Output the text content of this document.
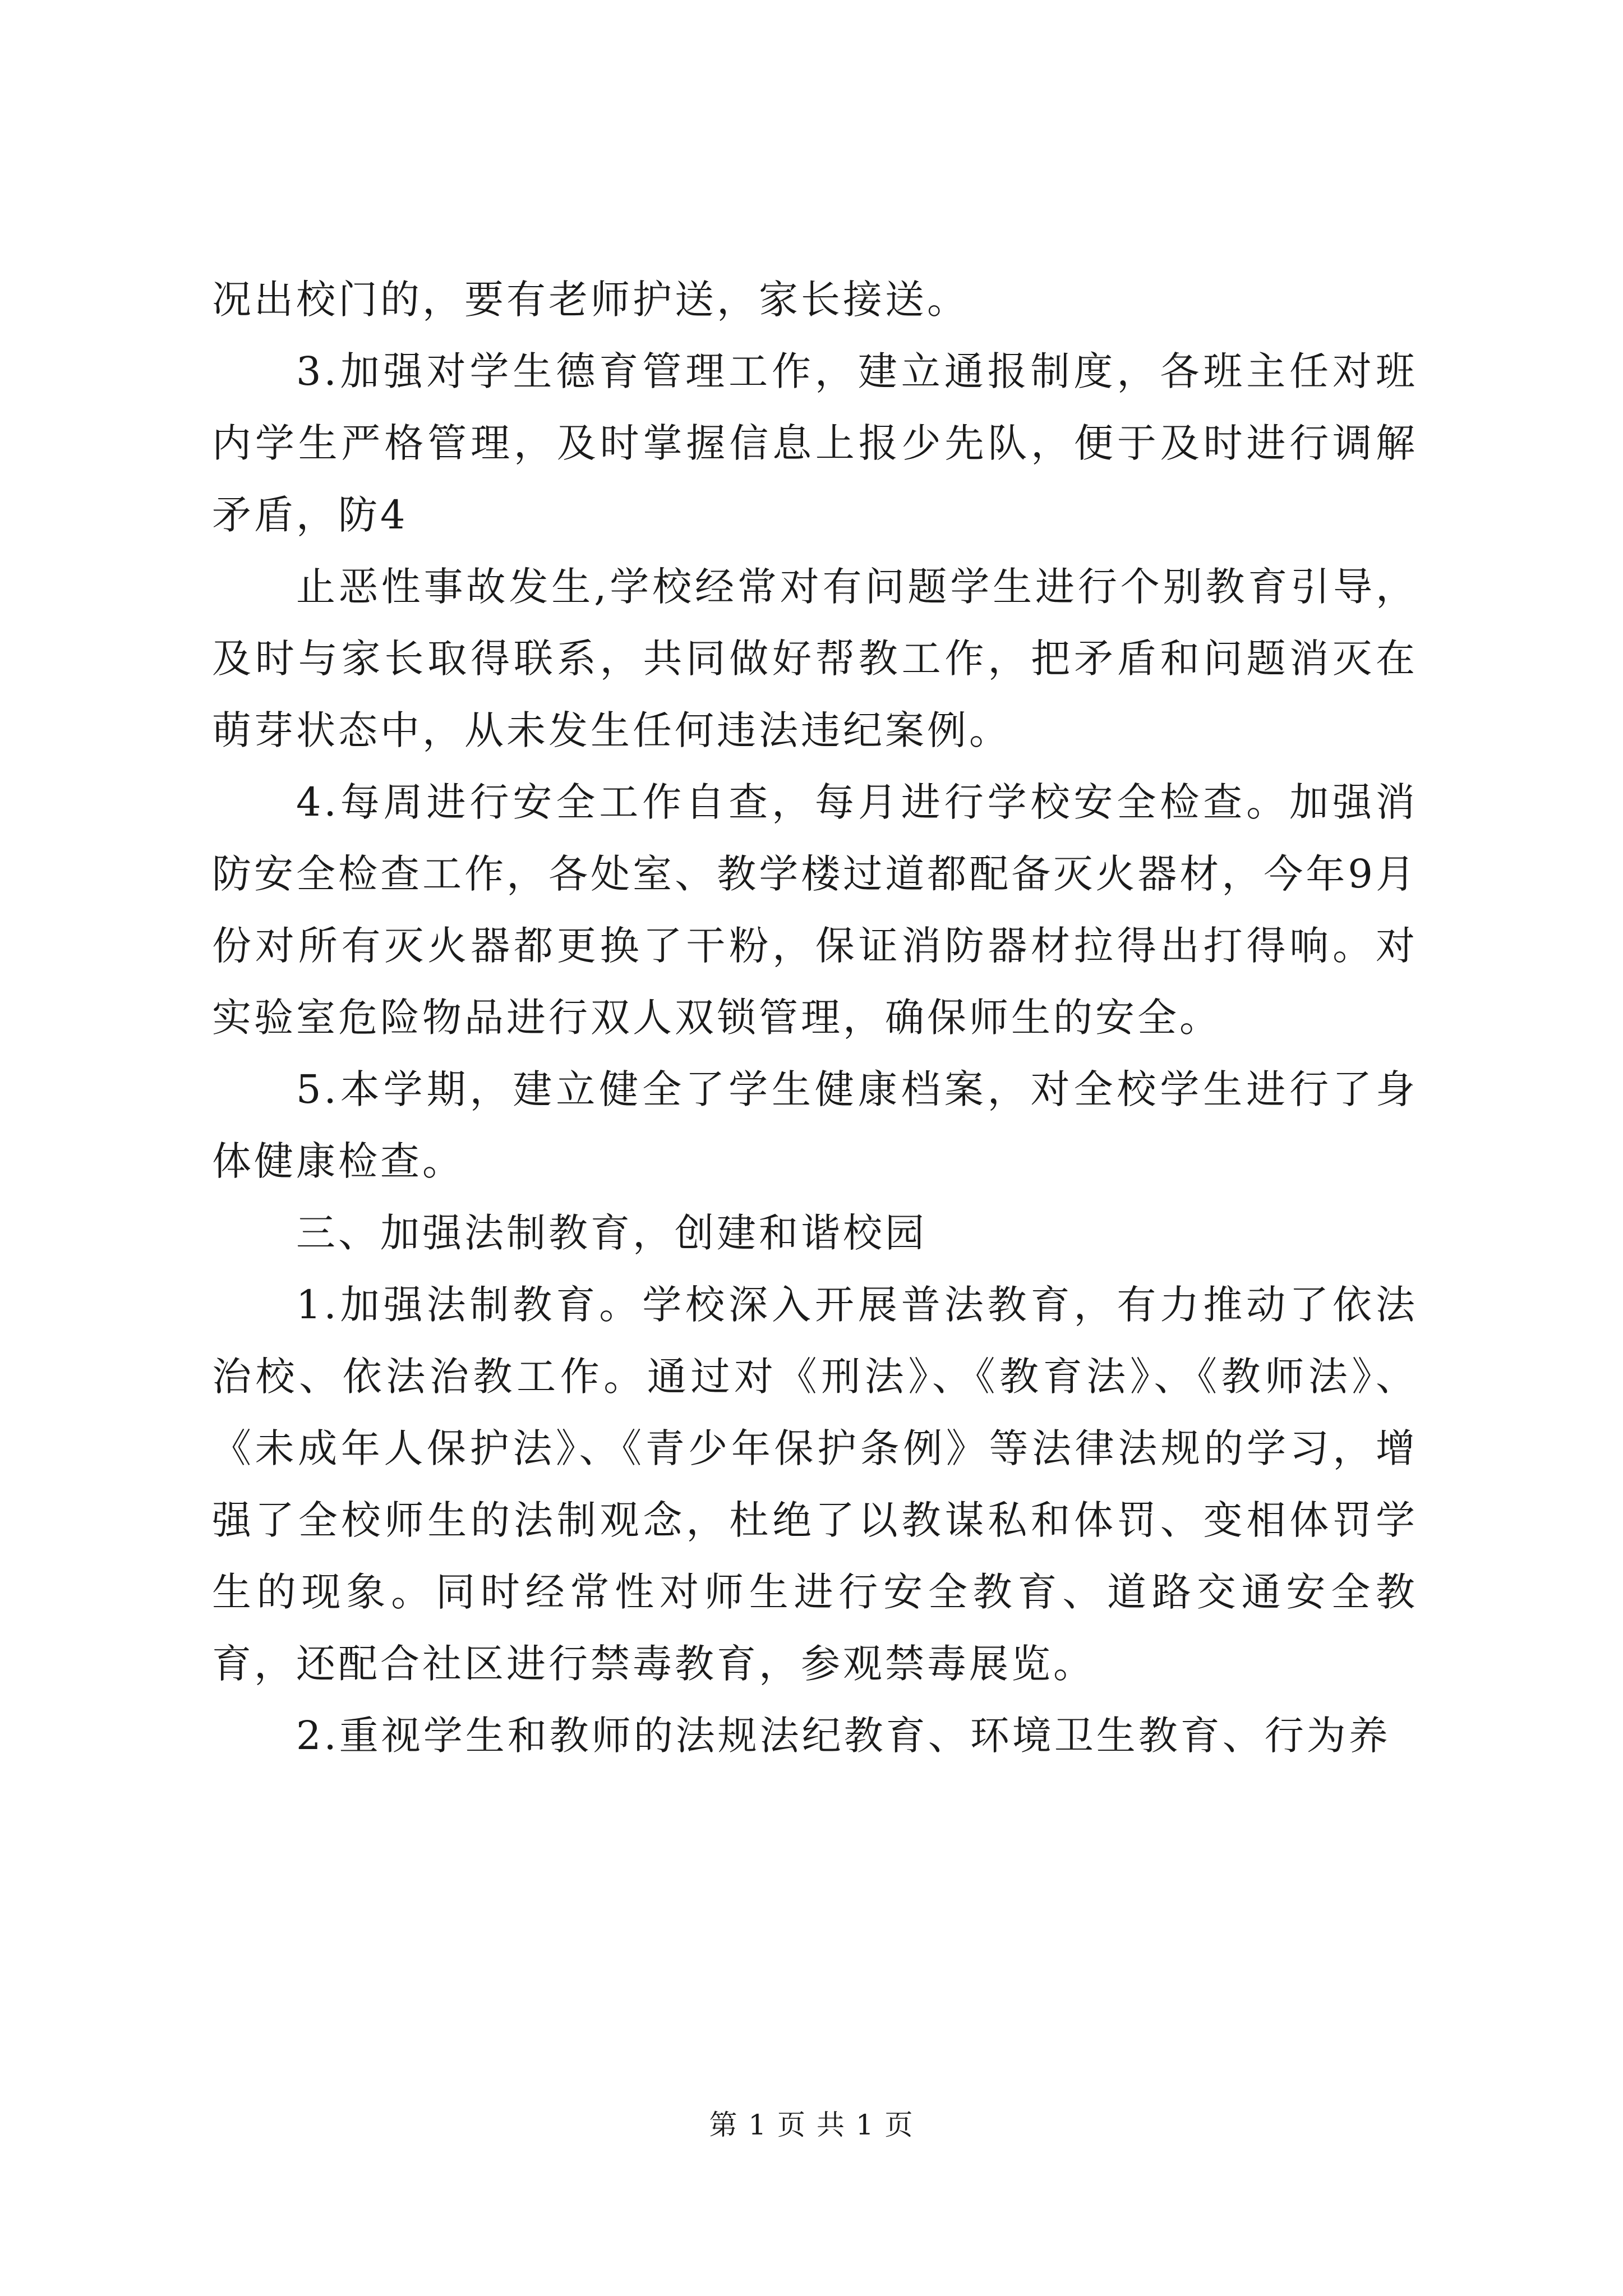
况出校门的，要有老师护送，家长接送。

3.加强对学生德育管理工作，建立通报制度，各班主任对班内学生严格管理，及时掌握信息上报少先队，便于及时进行调解矛盾，防4

止恶性事故发生,学校经常对有问题学生进行个别教育引导，及时与家长取得联系，共同做好帮教工作，把矛盾和问题消灭在萌芽状态中，从未发生任何违法违纪案例。

4.每周进行安全工作自查，每月进行学校安全检查。加强消防安全检查工作，各处室、教学楼过道都配备灭火器材，今年9月份对所有灭火器都更换了干粉，保证消防器材拉得出打得响。对实验室危险物品进行双人双锁管理，确保师生的安全。

5.本学期，建立健全了学生健康档案，对全校学生进行了身体健康检查。

三、加强法制教育，创建和谐校园

1.加强法制教育。学校深入开展普法教育，有力推动了依法治校、依法治教工作。通过对《刑法》、《教育法》、《教师法》、《未成年人保护法》、《青少年保护条例》等法律法规的学习，增强了全校师生的法制观念，杜绝了以教谋私和体罚、变相体罚学生的现象。同时经常性对师生进行安全教育、道路交通安全教育，还配合社区进行禁毒教育，参观禁毒展览。

2.重视学生和教师的法规法纪教育、环境卫生教育、行为养

第 1 页 共 1 页
